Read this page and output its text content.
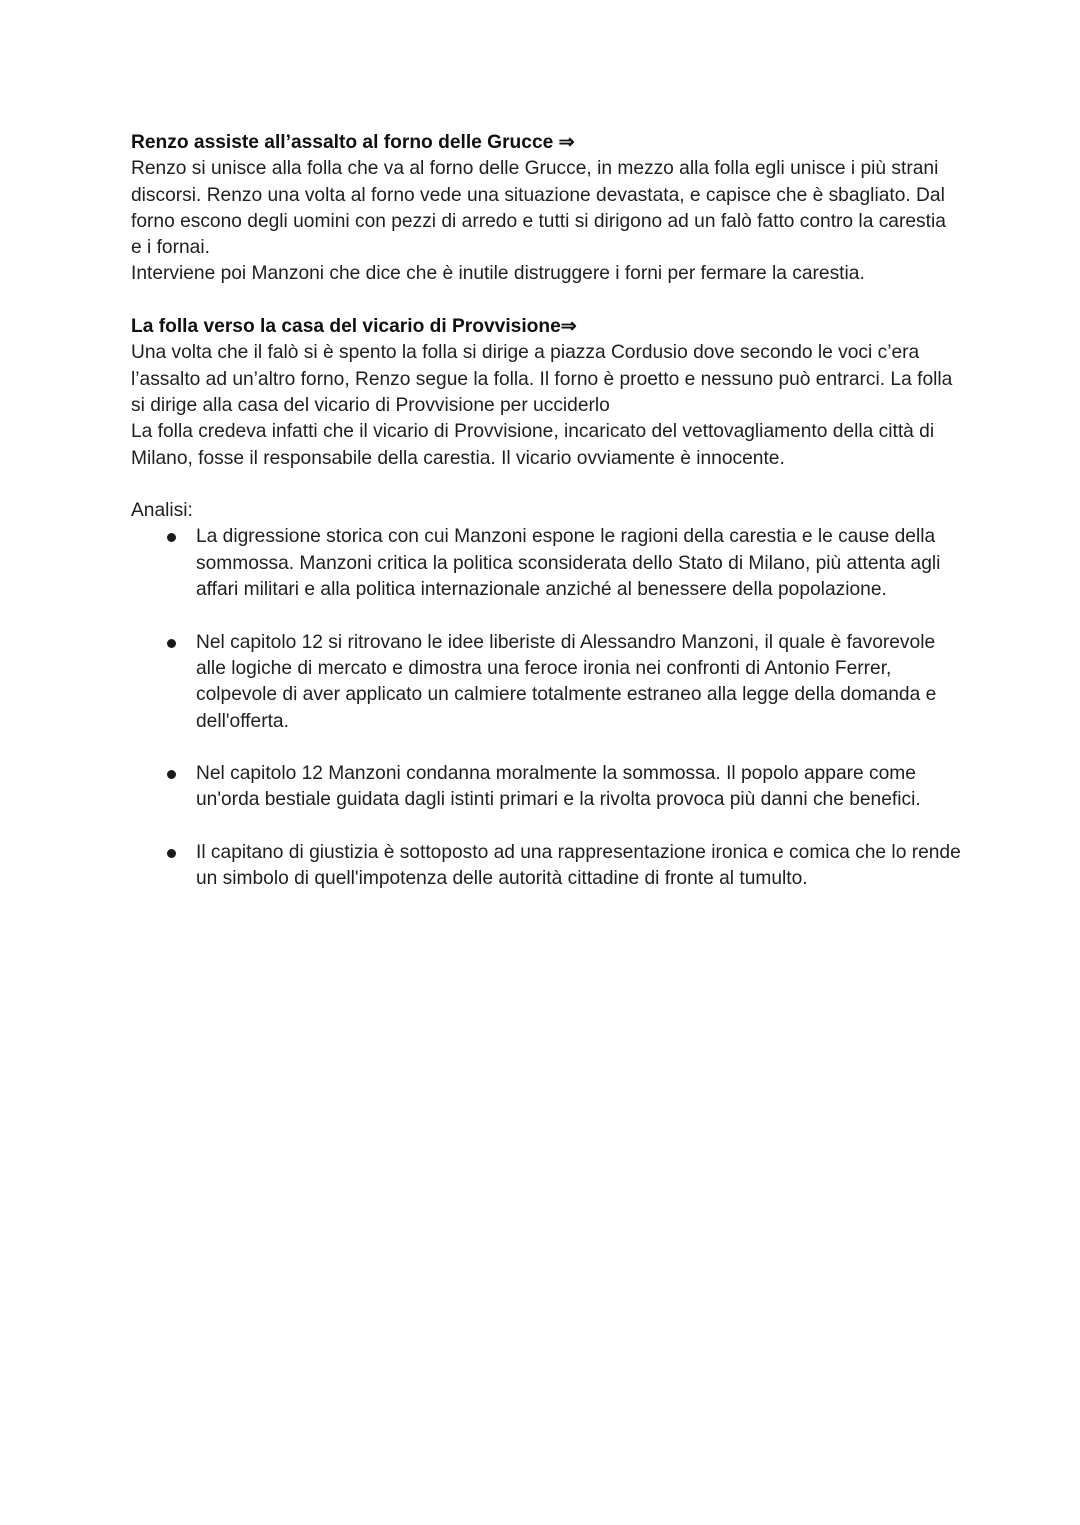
Renzo assiste all’assalto al forno delle Grucce ⇒

Renzo si unisce alla folla che va al forno delle Grucce, in mezzo alla folla egli unisce i più strani discorsi. Renzo una volta al forno vede una situazione devastata, e capisce che è sbagliato. Dal forno escono degli uomini con pezzi di arredo e tutti si dirigono ad un falò fatto contro la carestia e i fornai.

Interviene poi Manzoni che dice che è inutile distruggere i forni per fermare la carestia.

La folla verso la casa del vicario di Provvisione⇒

Una volta che il falò si è spento la folla si dirige a piazza Cordusio dove secondo le voci c’era l’assalto ad un’altro forno, Renzo segue la folla. Il forno è proetto e nessuno può entrarci. La folla si dirige alla casa del vicario di Provvisione per ucciderlo

La folla credeva infatti che il vicario di Provvisione, incaricato del vettovagliamento della città di Milano, fosse il responsabile della carestia. Il vicario ovviamente è innocente.

Analisi:

La digressione storica con cui Manzoni espone le ragioni della carestia e le cause della sommossa. Manzoni critica la politica sconsiderata dello Stato di Milano, più attenta agli affari militari e alla politica internazionale anziché al benessere della popolazione.
Nel capitolo 12 si ritrovano le idee liberiste di Alessandro Manzoni, il quale è favorevole alle logiche di mercato e dimostra una feroce ironia nei confronti di Antonio Ferrer, colpevole di aver applicato un calmiere totalmente estraneo alla legge della domanda e dell'offerta.
Nel capitolo 12 Manzoni condanna moralmente la sommossa. Il popolo appare come un'orda bestiale guidata dagli istinti primari e la rivolta provoca più danni che benefici.
Il capitano di giustizia è sottoposto ad una rappresentazione ironica e comica che lo rende un simbolo di quell'impotenza delle autorità cittadine di fronte al tumulto.
